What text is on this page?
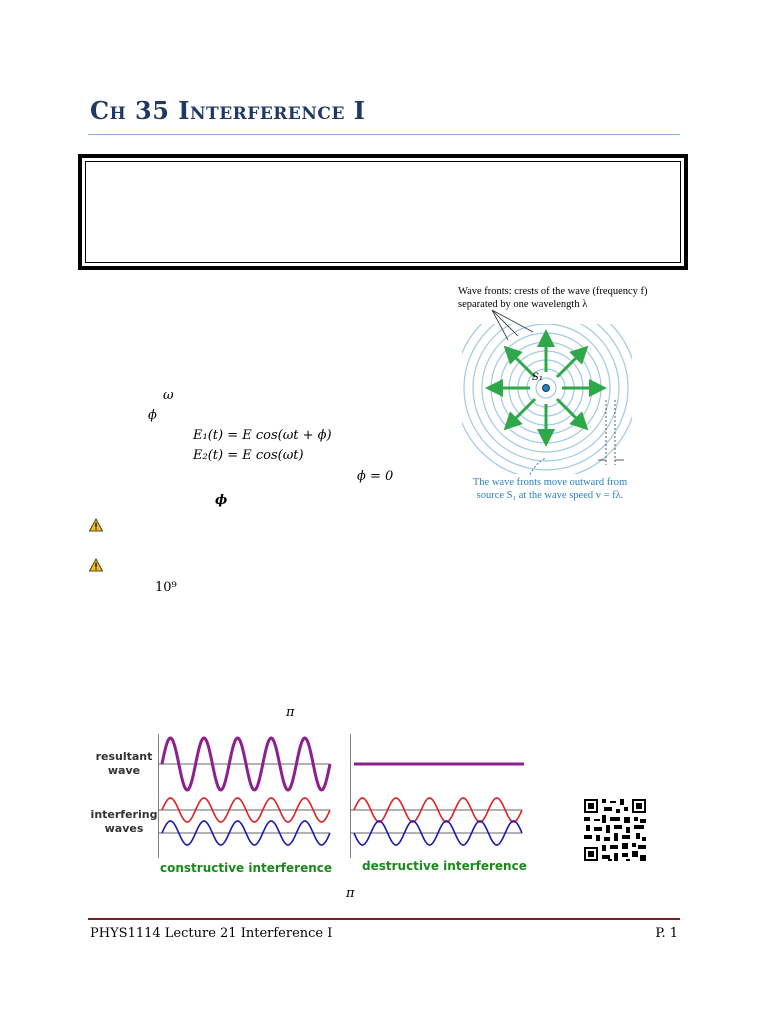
Ch 35 Interference I
ω
ϕ
E₁(t) = E cos(ωt + ϕ)
E₂(t) = E cos(ωt)
ϕ = 0
ϕ
10⁹
Wave fronts: crests of the wave (frequency f) separated by one wavelength λ
S₁
The wave fronts move outward from source S₁ at the wave speed v = fλ.
π
π
resultant wave
interfering waves
constructive interference destructive interference
PHYS1114 Lecture 21 Interference I	P. 1
